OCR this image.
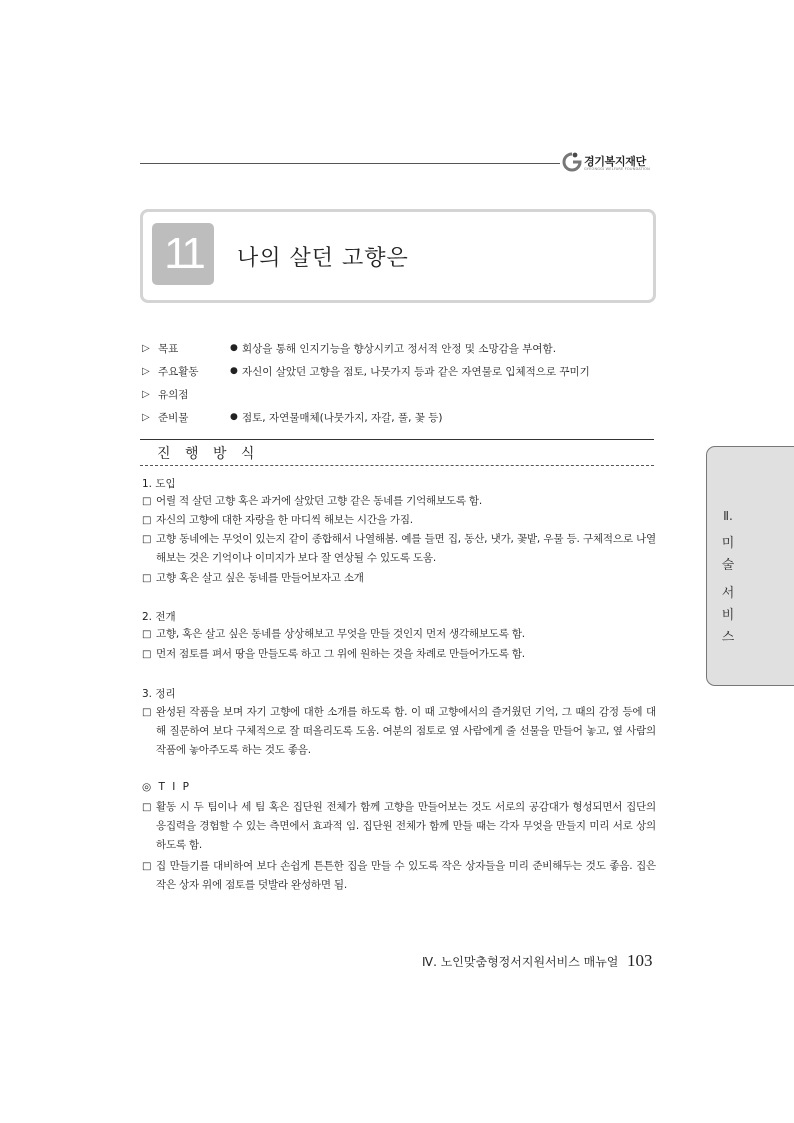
경기복지재단
GYEONGGI WELFARE FOUNDATION
11	나의 살던 고향은
▷ 목표	● 회상을 통해 인지기능을 향상시키고 정서적 안정 및 소망감을 부여함.
▷ 주요활동	● 자신이 살았던 고향을 점토, 나뭇가지 등과 같은 자연물로 입체적으로 꾸미기
▷ 유의점
▷ 준비물	● 점토, 자연물매체(나뭇가지, 자갈, 풀, 꽃 등)
진 행 방 식
1. 도입
□ 어릴 적 살던 고향 혹은 과거에 살았던 고향 같은 동네를 기억해보도록 함.
□ 자신의 고향에 대한 자랑을 한 마디씩 해보는 시간을 가짐.
□ 고향 동네에는 무엇이 있는지 같이 종합해서 나열해봄. 예를 들면 집, 동산, 냇가, 꽃밭, 우물 등. 구체적으로 나열해보는 것은 기억이나 이미지가 보다 잘 연상될 수 있도록 도움.
□ 고향 혹은 살고 싶은 동네를 만들어보자고 소개
2. 전개
□ 고향, 혹은 살고 싶은 동네를 상상해보고 무엇을 만들 것인지 먼저 생각해보도록 함.
□ 먼저 점토를 펴서 땅을 만들도록 하고 그 위에 원하는 것을 차례로 만들어가도록 함.
3. 정리
□ 완성된 작품을 보며 자기 고향에 대한 소개를 하도록 함. 이 때 고향에서의 즐거웠던 기억, 그 때의 감정 등에 대해 질문하여 보다 구체적으로 잘 떠올리도록 도움. 여분의 점토로 옆 사람에게 줄 선물을 만들어 놓고, 옆 사람의 작품에 놓아주도록 하는 것도 좋음.
◎ T I P
□ 활동 시 두 팀이나 세 팀 혹은 집단원 전체가 함께 고향을 만들어보는 것도 서로의 공감대가 형성되면서 집단의 응집력을 경험할 수 있는 측면에서 효과적 임. 집단원 전체가 함께 만들 때는 각자 무엇을 만들지 미리 서로 상의하도록 함.
□ 집 만들기를 대비하여 보다 손쉽게 튼튼한 집을 만들 수 있도록 작은 상자들을 미리 준비해두는 것도 좋음. 집은 작은 상자 위에 점토를 덧발라 완성하면 됨.
Ⅱ.
미
술
서
비
스
Ⅳ. 노인맞춤형정서지원서비스 매뉴얼 103
